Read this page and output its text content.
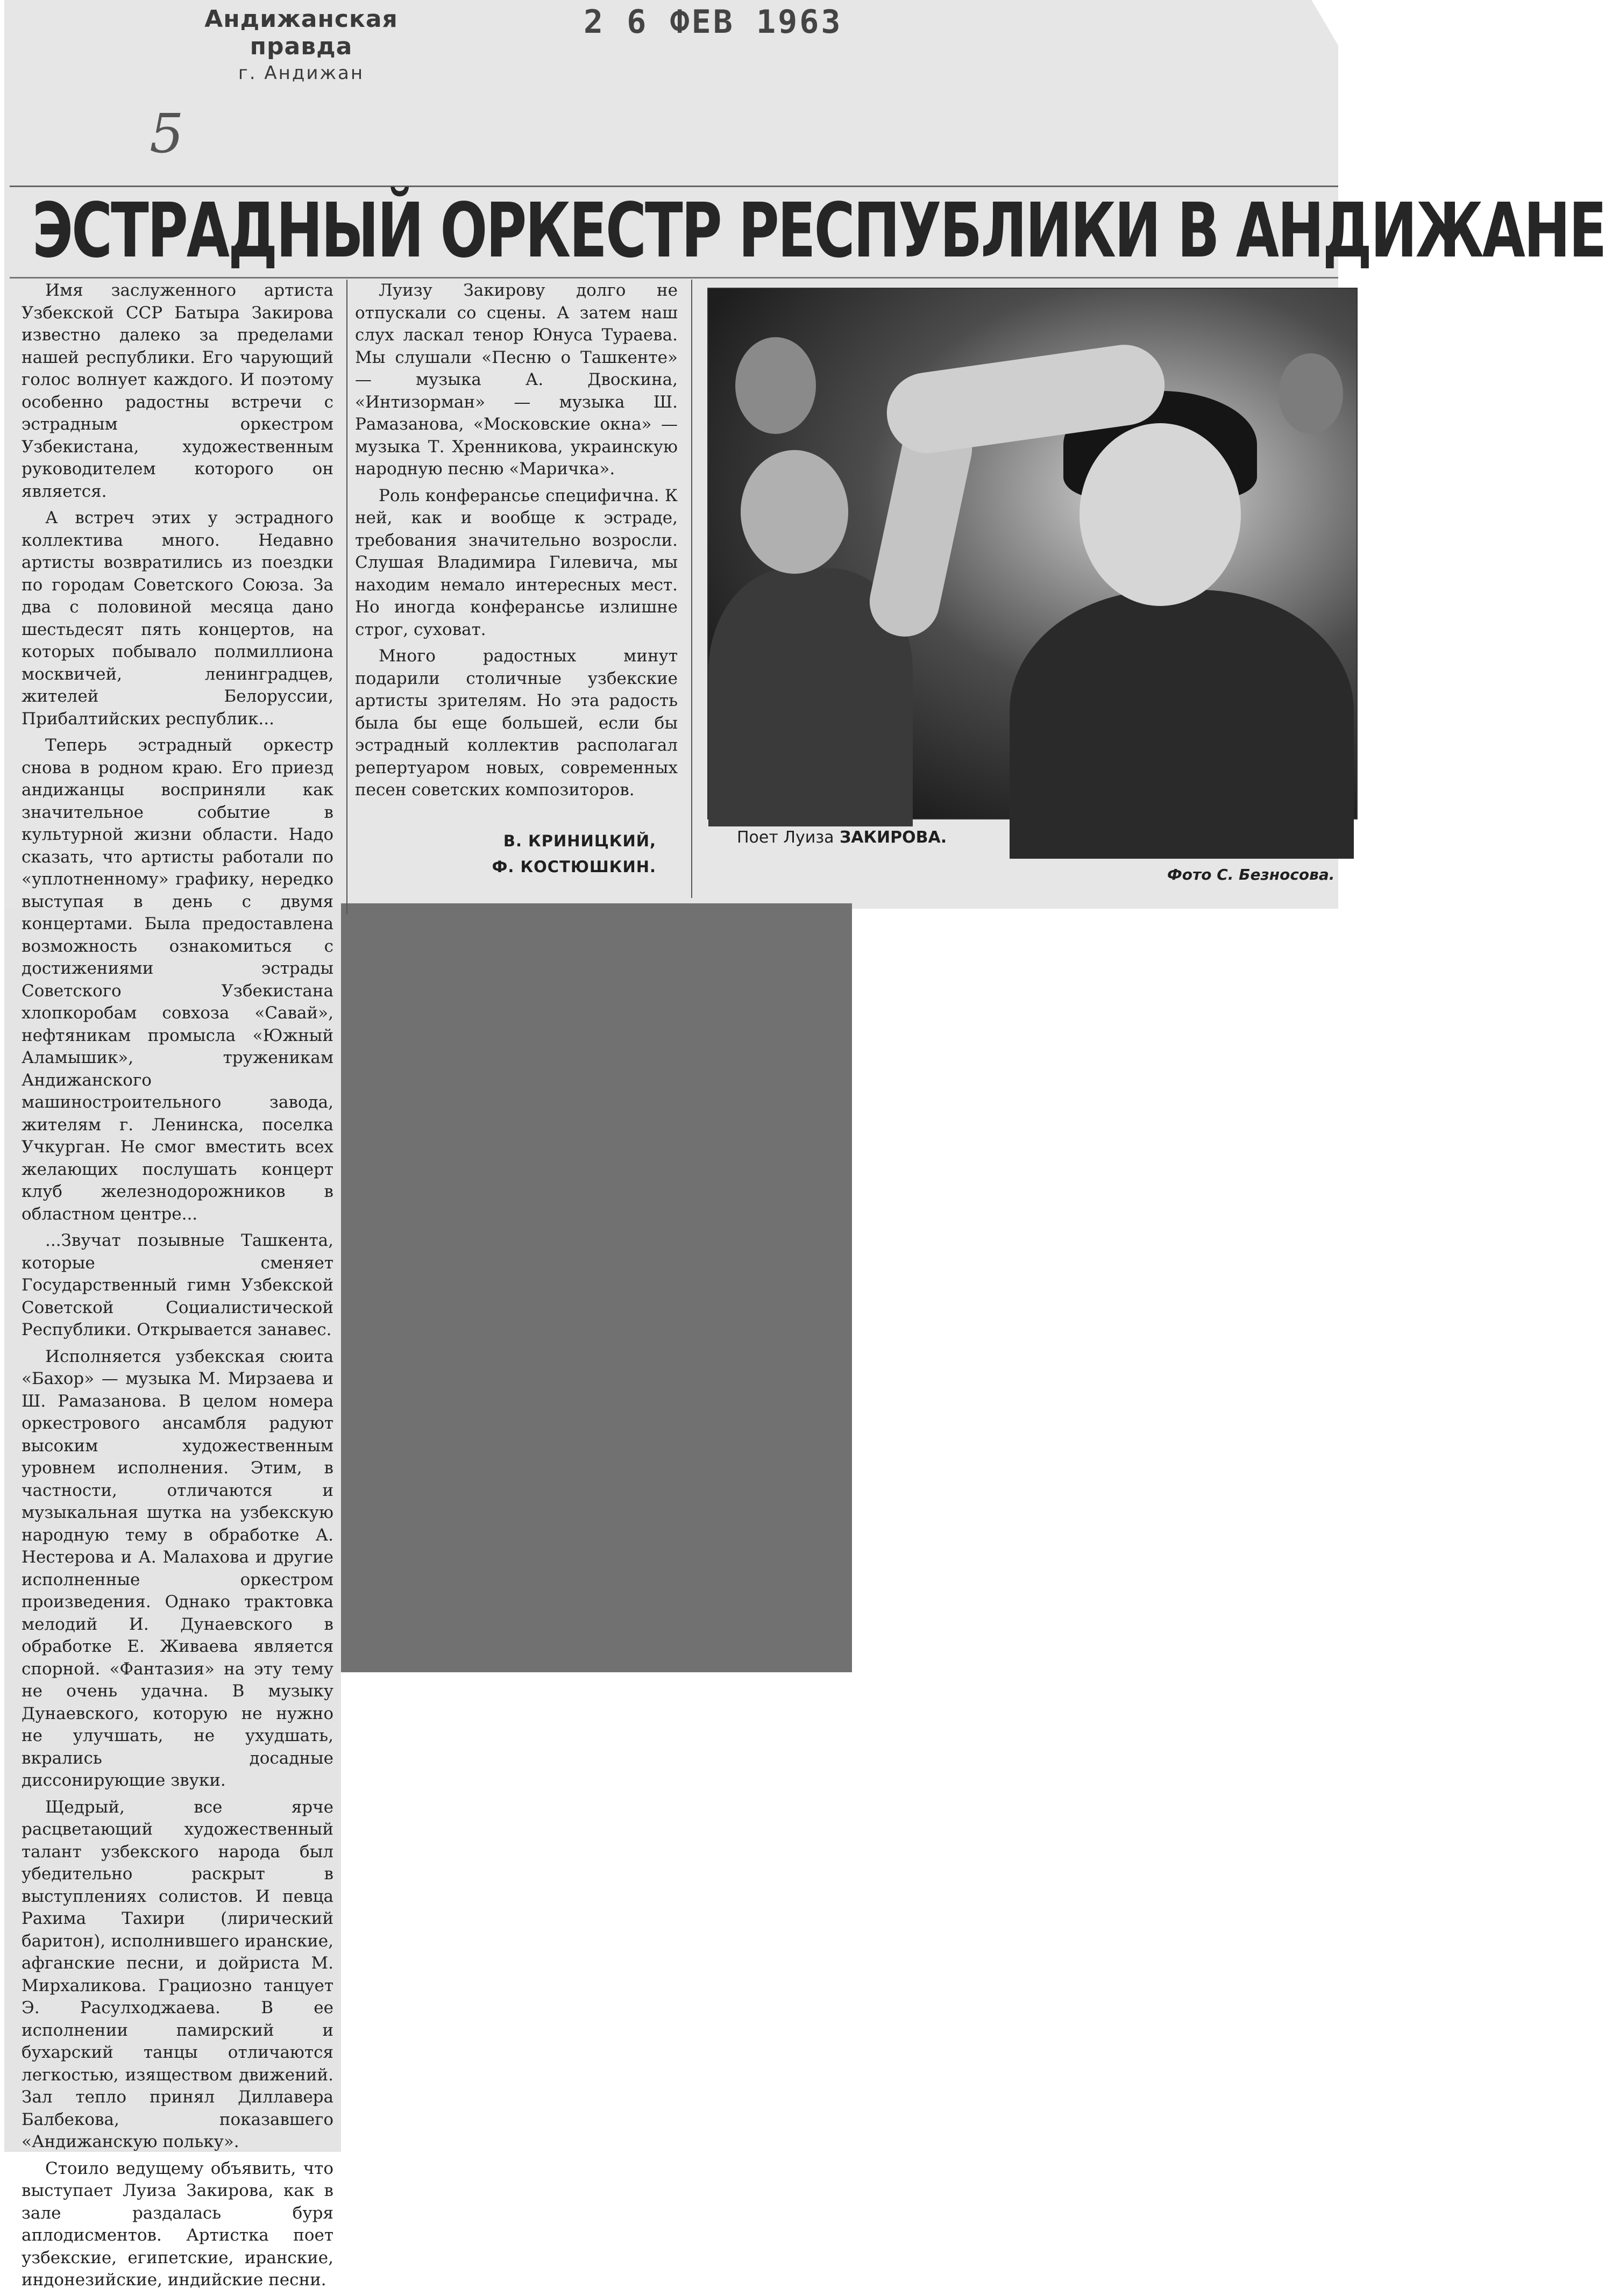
Андижанская правда
г. Андижан
2 6 ФЕВ 1963
5
ЭСТРАДНЫЙ ОРКЕСТР РЕСПУБЛИКИ В АНДИЖАНЕ

Имя заслуженного артиста Узбекской ССР Батыра Закирова известно далеко за пределами нашей республики. Его чарующий голос волнует каждого. И поэтому особенно радостны встречи с эстрадным оркестром Узбекистана, художественным руководителем которого он является.

А встреч этих у эстрадного коллектива много. Недавно артисты возвратились из поездки по городам Советского Союза. За два с половиной месяца дано шестьдесят пять концертов, на которых побывало полмиллиона москвичей, ленинградцев, жителей Белоруссии, Прибалтийских республик...

Теперь эстрадный оркестр снова в родном краю. Его приезд андижанцы восприняли как значительное событие в культурной жизни области. Надо сказать, что артисты работали по «уплотненному» графику, нередко выступая в день с двумя концертами. Была предоставлена возможность ознакомиться с достижениями эстрады Советского Узбекистана хлопкоробам совхоза «Савай», нефтяникам промысла «Южный Аламышик», труженикам Андижанского машиностроительного завода, жителям г. Ленинска, поселка Учкурган. Не смог вместить всех желающих послушать концерт клуб железнодорожников в областном центре...

...Звучат позывные Ташкента, которые сменяет Государственный гимн Узбекской Советской Социалистической Республики. Открывается занавес.

Исполняется узбекская сюита «Бахор» — музыка М. Мирзаева и Ш. Рамазанова. В целом номера оркестрового ансамбля радуют высоким художественным уровнем исполнения. Этим, в частности, отличаются и музыкальная шутка на узбекскую народную тему в обработке А. Нестерова и А. Малахова и другие исполненные оркестром произведения. Однако трактовка мелодий И. Дунаевского в обработке Е. Живаева является спорной. «Фантазия» на эту тему не очень удачна. В музыку Дунаевского, которую не нужно не улучшать, не ухудшать, вкрались досадные диссонирующие звуки.

Щедрый, все ярче расцветающий художественный талант узбекского народа был убедительно раскрыт в выступлениях солистов. И певца Рахима Тахири (лирический баритон), исполнившего иранские, афганские песни, и дойриста М. Мирхаликова. Грациозно танцует Э. Расулходжаева. В ее исполнении памирский и бухарский танцы отличаются легкостью, изяществом движений. Зал тепло принял Диллавера Балбекова, показавшего «Андижанскую польку».

Стоило ведущему объявить, что выступает Луиза Закирова, как в зале раздалась буря аплодисментов. Артистка поет узбекские, египетские, иранские, индонезийские, индийские песни.

Луизу Закирову долго не отпускали со сцены. А затем наш слух ласкал тенор Юнуса Тураева. Мы слушали «Песню о Ташкенте» — музыка А. Двоскина, «Интизорман» — музыка Ш. Рамазанова, «Московские окна» — музыка Т. Хренникова, украинскую народную песню «Маричка».

Роль конферансье специфична. К ней, как и вообще к эстраде, требования значительно возросли. Слушая Владимира Гилевича, мы находим немало интересных мест. Но иногда конферансье излишне строг, суховат.

Много радостных минут подарили столичные узбекские артисты зрителям. Но эта радость была бы еще большей, если бы эстрадный коллектив располагал репертуаром новых, современных песен советских композиторов.

В. КРИНИЦКИЙ,
Ф. КОСТЮШКИН.
Поет Луиза ЗАКИРОВА.
Фото С. Безносова.
